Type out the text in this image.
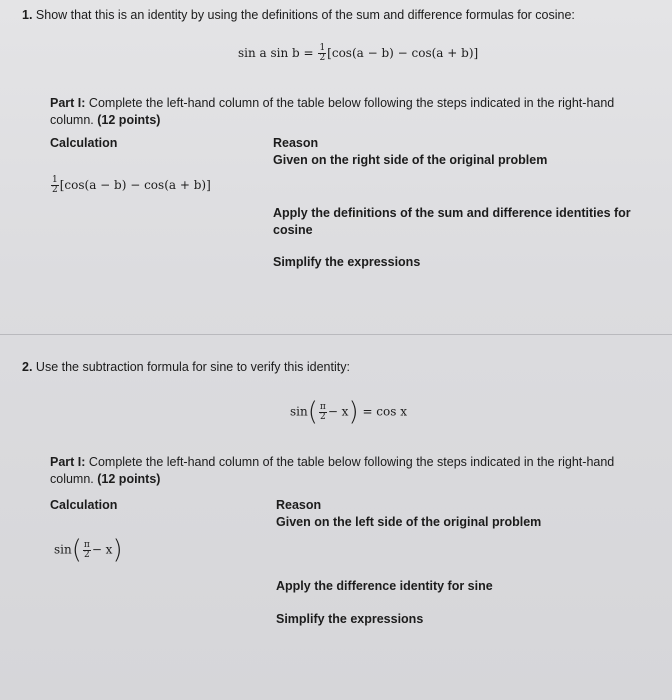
1. Show that this is an identity by using the definitions of the sum and difference formulas for cosine:
sin a $\sin b = \frac{1}{2} [\cos(a - b) - \cos(a + b)]$
Part I: Complete the left-hand column of the table below following the steps indicated in the right-hand
column. (12 points)
Calculation	Reason
Given on the right side of the original problem
$\frac{1}{2} [\cos(a - b) - \cos(a + b)]$
Apply the definitions of the sum and difference identities for
cosine
Simplify the expressions
2. Use the subtraction formula for sine to verify this identity:
$\sin( \frac{\pi}{2} - x) = \cos x$
Part I: Complete the left-hand column of the table below following the steps indicated in the right-hand
column. (12 points)
Calculation	Reason
Given on the left side of the original problem
$\sin( \frac{\pi}{2} - x)$
Apply the difference identity for sine
Simplify the expressions
